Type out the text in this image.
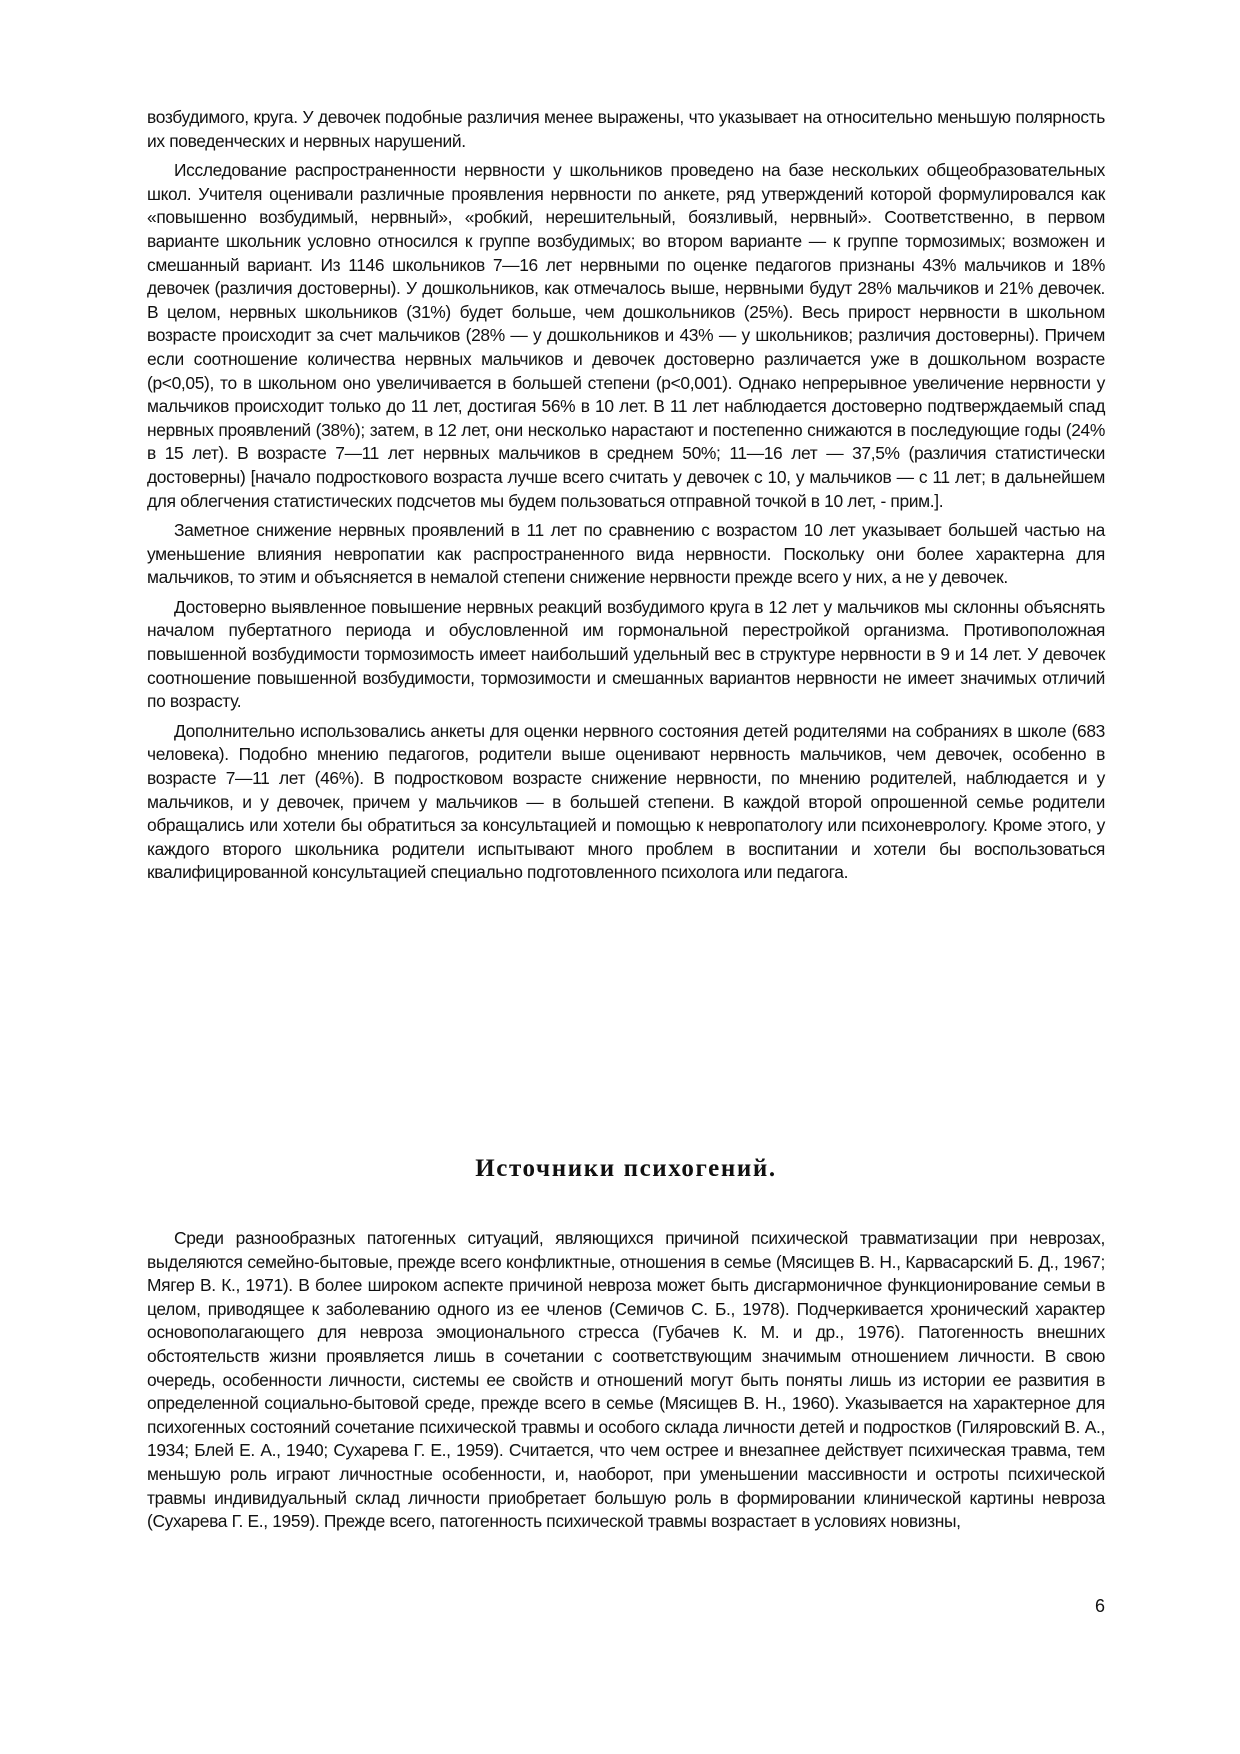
возбудимого, круга. У девочек подобные различия менее выражены, что указывает на относительно меньшую полярность их поведенческих и нервных нарушений.

Исследование распространенности нервности у школьников проведено на базе нескольких общеобразовательных школ. Учителя оценивали различные проявления нервности по анкете, ряд утверждений которой формулировался как «повышенно возбудимый, нервный», «робкий, нерешительный, боязливый, нервный». Соответственно, в первом варианте школьник условно относился к группе возбудимых; во втором варианте — к группе тормозимых; возможен и смешанный вариант. Из 1146 школьников 7—16 лет нервными по оценке педагогов признаны 43% мальчиков и 18% девочек (различия достоверны). У дошкольников, как отмечалось выше, нервными будут 28% мальчиков и 21% девочек. В целом, нервных школьников (31%) будет больше, чем дошкольников (25%). Весь прирост нервности в школьном возрасте происходит за счет мальчиков (28% — у дошкольников и 43% — у школьников; различия достоверны). Причем если соотношение количества нервных мальчиков и девочек достоверно различается уже в дошкольном возрасте (p<0,05), то в школьном оно увеличивается в большей степени (p<0,001). Однако непрерывное увеличение нервности у мальчиков происходит только до 11 лет, достигая 56% в 10 лет. В 11 лет наблюдается достоверно подтверждаемый спад нервных проявлений (38%); затем, в 12 лет, они несколько нарастают и постепенно снижаются в последующие годы (24% в 15 лет). В возрасте 7—11 лет нервных мальчиков в среднем 50%; 11—16 лет — 37,5% (различия статистически достоверны) [начало подросткового возраста лучше всего считать у девочек с 10, у мальчиков — с 11 лет; в дальнейшем для облегчения статистических подсчетов мы будем пользоваться отправной точкой в 10 лет, - прим.].

Заметное снижение нервных проявлений в 11 лет по сравнению с возрастом 10 лет указывает большей частью на уменьшение влияния невропатии как распространенного вида нервности. Поскольку они более характерна для мальчиков, то этим и объясняется в немалой степени снижение нервности прежде всего у них, а не у девочек.

Достоверно выявленное повышение нервных реакций возбудимого круга в 12 лет у мальчиков мы склонны объяснять началом пубертатного периода и обусловленной им гормональной перестройкой организма. Противоположная повышенной возбудимости тормозимость имеет наибольший удельный вес в структуре нервности в 9 и 14 лет. У девочек соотношение повышенной возбудимости, тормозимости и смешанных вариантов нервности не имеет значимых отличий по возрасту.

Дополнительно использовались анкеты для оценки нервного состояния детей родителями на собраниях в школе (683 человека). Подобно мнению педагогов, родители выше оценивают нервность мальчиков, чем девочек, особенно в возрасте 7—11 лет (46%). В подростковом возрасте снижение нервности, по мнению родителей, наблюдается и у мальчиков, и у девочек, причем у мальчиков — в большей степени. В каждой второй опрошенной семье родители обращались или хотели бы обратиться за консультацией и помощью к невропатологу или психоневрологу. Кроме этого, у каждого второго школьника родители испытывают много проблем в воспитании и хотели бы воспользоваться квалифицированной консультацией специально подготовленного психолога или педагога.

Источники психогений.

Среди разнообразных патогенных ситуаций, являющихся причиной психической травматизации при неврозах, выделяются семейно-бытовые, прежде всего конфликтные, отношения в семье (Мясищев В. Н., Карвасарский Б. Д., 1967; Мягер В. К., 1971). В более широком аспекте причиной невроза может быть дисгармоничное функционирование семьи в целом, приводящее к заболеванию одного из ее членов (Семичов С. Б., 1978). Подчеркивается хронический характер основополагающего для невроза эмоционального стресса (Губачев К. М. и др., 1976). Патогенность внешних обстоятельств жизни проявляется лишь в сочетании с соответствующим значимым отношением личности. В свою очередь, особенности личности, системы ее свойств и отношений могут быть поняты лишь из истории ее развития в определенной социально-бытовой среде, прежде всего в семье (Мясищев В. Н., 1960). Указывается на характерное для психогенных состояний сочетание психической травмы и особого склада личности детей и подростков (Гиляровский В. А., 1934; Блей Е. А., 1940; Сухарева Г. Е., 1959). Считается, что чем острее и внезапнее действует психическая травма, тем меньшую роль играют личностные особенности, и, наоборот, при уменьшении массивности и остроты психической травмы индивидуальный склад личности приобретает большую роль в формировании клинической картины невроза (Сухарева Г. Е., 1959). Прежде всего, патогенность психической травмы возрастает в условиях новизны,

6
